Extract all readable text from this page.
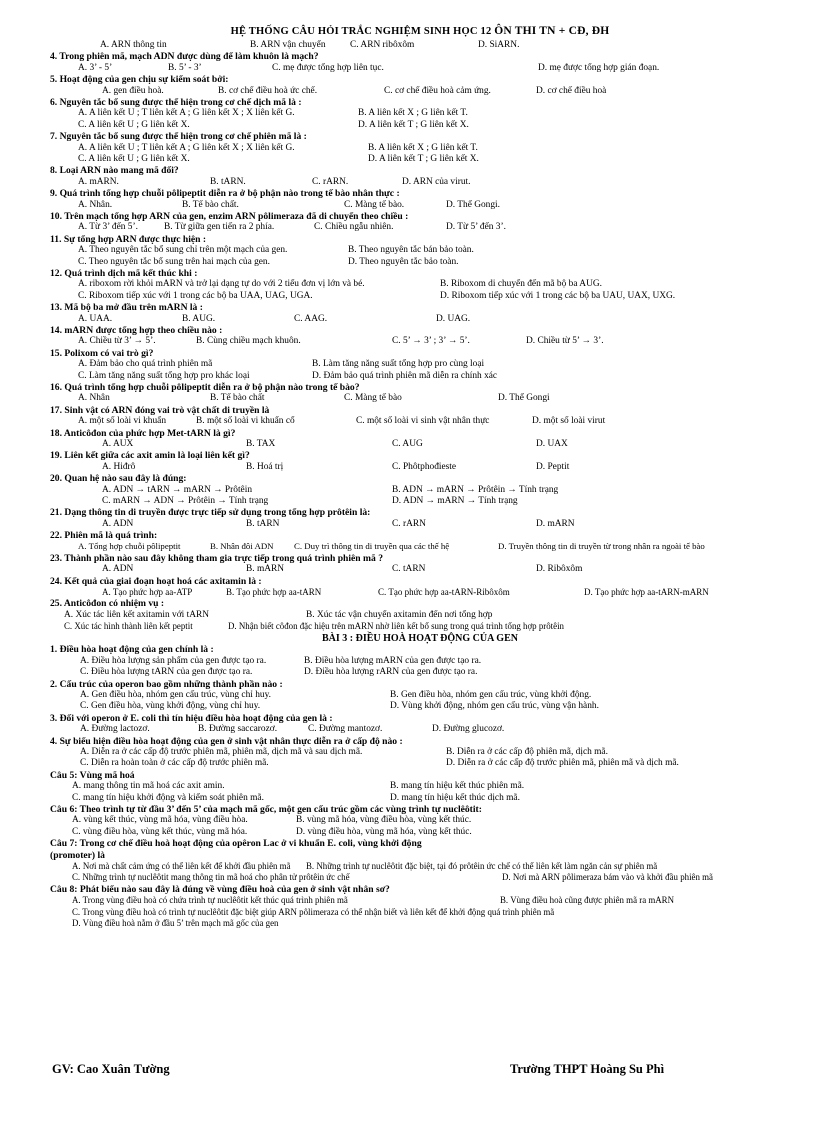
HỆ THỐNG CÂU HỎI TRẮC NGHIỆM SINH HỌC 12 ÔN THI TN + CĐ, ĐH
A. ARN thông tin	B. ARN vận chuyển	C. ARN ribôxôm	D. SiARN.
4. Trong phiên mã, mạch ADN được dùng để làm khuôn là mạch?
A. 3’ - 5’	B. 5’ - 3’	C. mẹ được tổng hợp liên tục.	D. mẹ được tổng hợp gián đoạn.
5. Hoạt động của gen chịu sự kiểm soát bởi:
A. gen điều hoà.	B. cơ chế điều hoà ức chế.	C. cơ chế điều hoà cảm ứng.	D. cơ chế điều hoà
6. Nguyên tắc bổ sung được thể hiện trong cơ chế dịch mã là :
A. A liên kết U ; T liên kết A ; G liên kết X ; X liên kết G.	B. A liên kết X ; G liên kết T.
C. A liên kết U ; G liên kết X.	D. A liên kết T ; G liên kết X.
7. Nguyên tắc bổ sung được thể hiện trong cơ chế phiên mã là :
A. A liên kết U ; T liên kết A ; G liên kết X ; X liên kết G.	B. A liên kết X ; G liên kết T.
C. A liên kết U ; G liên kết X.	D. A liên kết T ; G liên kết X.
8. Loại ARN nào mang mã đối?
A. mARN.	B. tARN.	C. rARN.	D. ARN của virut.
9. Quá trình tổng hợp chuỗi pôlipeptit diễn ra ở bộ phận nào trong tế bào nhân thực :
A. Nhân.	B. Tế bào chất.	C. Màng tế bào.	D. Thể Gongi.
10. Trên mạch tổng hợp ARN của gen, enzim ARN pôlimeraza đã di chuyển theo chiều :
A. Từ 3’ đến 5’.	B. Từ giữa gen tiến ra 2 phía.	C. Chiều ngẫu nhiên.	D. Từ 5’ đến 3’.
11. Sự tổng hợp ARN được thực hiện :
A. Theo nguyên tắc bổ sung chỉ trên một mạch của gen.	B. Theo nguyên tắc bán bảo toàn.
C. Theo nguyên tắc bổ sung trên hai mạch của gen.	D. Theo nguyên tắc bảo toàn.
12. Quá trình dịch mã kết thúc khi :
A. riboxom rời khỏi mARN và trở lại dạng tự do với 2 tiểu đơn vị lớn và bé.	B. Riboxom di chuyển đến mã bộ ba AUG.
C. Riboxom tiếp xúc với 1 trong các bộ ba UAA, UAG, UGA.	D. Riboxom tiếp xúc với 1 trong các bộ ba UAU, UAX, UXG.
13. Mã bộ ba mở đầu trên mARN là :
A. UAA.	B. AUG.	C. AAG.	D. UAG.
14. mARN được tổng hợp theo chiều nào :
A. Chiều từ 3’ → 5’.	B. Cùng chiều mạch khuôn.	C. 5’ → 3’ ; 3’ → 5’.	D. Chiều từ 5’ → 3’.
15. Polixom có vai trò gì?
A. Đảm bảo cho quá trình phiên mã	B. Làm tăng năng suất tổng hợp pro cùng loại
C. Làm tăng năng suất tổng hợp pro khác loại	D. Đảm bảo quá trình phiên mã diễn ra chính xác
16. Quá trình tổng hợp chuỗi pôlipeptit diễn ra ở bộ phận nào trong tế bào?
A. Nhân	B. Tế bào chất	C. Màng tế bào	D. Thể Gongi
17. Sinh vật có ARN đóng vai trò vật chất di truyền là
A. một số loài vi khuẩn	B. một số loài vi khuẩn cổ	C. một số loài vi sinh vật nhân thực	D. một số loài virut
18. Anticôđon của phức hợp Met-tARN là gì?
A. AUX	B. TAX	C. AUG	D. UAX
19. Liên kết giữa các axit amin là loại liên kết gì?
A. Hiđrô	B. Hoá trị	C. Phôtphođieste	D. Peptit
20. Quan hệ nào sau đây là đúng:
A. ADN → tARN → mARN → Prôtêin	B. ADN → mARN → Prôtêin → Tính trạng
C. mARN → ADN → Prôtêin → Tính trạng	D. ADN → mARN → Tính trạng
21. Dạng thông tin di truyền được trực tiếp sử dụng trong tổng hợp prôtêin là:
A. ADN	B. tARN	C. rARN	D. mARN
22. Phiên mã là quá trình:
A. Tổng hợp chuỗi pôlipeptit	B. Nhân đôi ADN C. Duy trì thông tin di truyền qua các thế hệ	D. Truyền thông tin di truyền từ trong nhân ra ngoài tế bào
23. Thành phần nào sau đây không tham gia trực tiếp trong quá trình phiên mã ?
A. ADN	B. mARN	C. tARN	D. Ribôxôm
24. Kết quả của giai đoạn hoạt hoá các axitamin là :
A. Tạo phức hợp aa-ATP	B. Tạo phức hợp aa-tARN	C. Tạo phức hợp aa-tARN-Ribôxôm	D. Tạo phức hợp aa-tARN-mARN
25. Anticôđon có nhiệm vụ :
A. Xúc tác liên kết axitamin với tARN	B. Xúc tác vận chuyển axitamin đến nơi tổng hợp
C. Xúc tác hình thành liên kết peptit	D. Nhận biết côđon đặc hiệu trên mARN nhờ liên kết bổ sung trong quá trình tổng hợp prôtêin
BÀI 3 : ĐIỀU HOÀ HOẠT ĐỘNG CỦA GEN
1. Điều hòa hoạt động của gen chính là :
A. Điều hòa lượng sản phẩm của gen được tạo ra.	B. Điều hòa lượng mARN của gen được tạo ra.
C. Điều hòa lượng tARN của gen được tạo ra.	D. Điều hòa lượng rARN của gen được tạo ra.
2. Cấu trúc của operon bao gồm những thành phần nào :
A. Gen điều hòa, nhóm gen cấu trúc, vùng chỉ huy.	B. Gen điều hòa, nhóm gen cấu trúc, vùng khởi động.
C. Gen điều hòa, vùng khởi động, vùng chỉ huy.	D. Vùng khởi động, nhóm gen cấu trúc, vùng vận hành.
3. Đối với operon ở E. coli thì tín hiệu điều hòa hoạt động của gen là :
A. Đường lactozơ.	B. Đường saccarozơ.	C. Đường mantozơ.	D. Đường glucozơ.
4. Sự biểu hiện điều hòa hoạt động của gen ở sinh vật nhân thực diễn ra ở cấp độ nào :
A. Diễn ra ở các cấp độ trước phiên mã, phiên mã, dịch mã và sau dịch mã.	B. Diễn ra ở các cấp độ phiên mã, dịch mã.
C. Diễn ra hoàn toàn ở các cấp độ trước phiên mã.	D. Diễn ra ở các cấp độ trước phiên mã, phiên mã và dịch mã.
Câu 5: Vùng mã hoá
A. mang thông tin mã hoá các axit amin.	B. mang tín hiệu kết thúc phiên mã.
C. mang tín hiệu khởi động và kiểm soát phiên mã.	D. mang tín hiệu kết thúc dịch mã.
Câu 6: Theo trình tự từ đầu 3’ đến 5’ của mạch mã gốc, một gen cấu trúc gồm các vùng trình tự nuclêôtit:
A. vùng kết thúc, vùng mã hóa, vùng điều hòa.	B. vùng mã hóa, vùng điều hòa, vùng kết thúc.
C. vùng điều hòa, vùng kết thúc, vùng mã hóa.	D. vùng điều hòa, vùng mã hóa, vùng kết thúc.
Câu 7: Trong cơ chế điều hoà hoạt động của opêron Lac ở vi khuẩn E. coli, vùng khởi động
(promoter) là
A. Nơi mà chất cảm ứng có thể liên kết để khởi đầu phiên mã B. Những trình tự nuclêôtit đặc biệt, tại đó prôtêin ức chế có thể liên kết làm ngăn cản sự phiên mã
C. Những trình tự nuclêôtit mang thông tin mã hoá cho phân tử prôtêin ức chế	D. Nơi mà ARN pôlimeraza bám vào và khởi đầu phiên mã
Câu 8: Phát biểu nào sau đây là đúng về vùng điều hoà của gen ở sinh vật nhân sơ?
A. Trong vùng điều hoà có chứa trình tự nuclêôtit kết thúc quá trình phiên mã	B. Vùng điều hoà cũng được phiên mã ra mARN
C. Trong vùng điều hoà có trình tự nuclêôtit đặc biệt giúp ARN pôlimeraza có thể nhận biết và liên kết để khởi động quá trình phiên mã
D. Vùng điều hoà nằm ở đầu 5’ trên mạch mã gốc của gen
GV: Cao Xuân Tường	Trường THPT Hoàng Su Phì
